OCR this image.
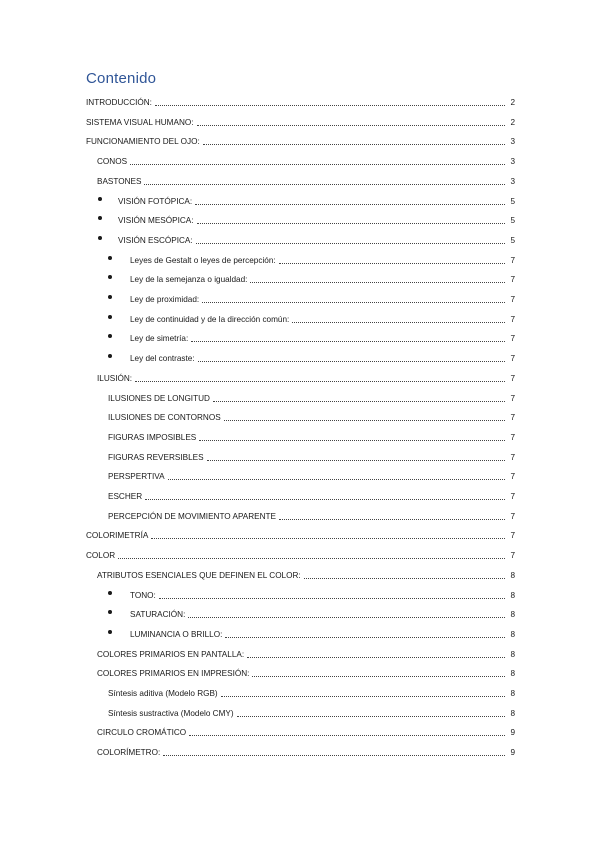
Contenido
INTRODUCCIÓN:	2
SISTEMA VISUAL HUMANO:	2
FUNCIONAMIENTO DEL OJO:	3
CONOS	3
BASTONES	3
VISIÓN FOTÓPICA:	5
VISIÓN MESÓPICA:	5
VISIÓN ESCÓPICA:	5
Leyes de Gestalt o leyes de percepción:	7
Ley de la semejanza o igualdad:	7
Ley de proximidad:	7
Ley de continuidad y de la dirección común:	7
Ley de simetría:	7
Ley del contraste:	7
ILUSIÓN:	7
ILUSIONES DE LONGITUD	7
ILUSIONES DE CONTORNOS	7
FIGURAS IMPOSIBLES	7
FIGURAS REVERSIBLES	7
PERSPERTIVA	7
ESCHER	7
PERCEPCIÓN DE MOVIMIENTO APARENTE	7
COLORIMETRÍA	7
COLOR	7
ATRIBUTOS ESENCIALES QUE DEFINEN EL COLOR:	8
TONO:	8
SATURACIÓN:	8
LUMINANCIA O BRILLO:	8
COLORES PRIMARIOS EN PANTALLA:	8
COLORES PRIMARIOS EN IMPRESIÓN:	8
Síntesis aditiva (Modelo RGB)	8
Síntesis sustractiva (Modelo CMY)	8
CIRCULO CROMÁTICO	9
COLORÍMETRO:	9
